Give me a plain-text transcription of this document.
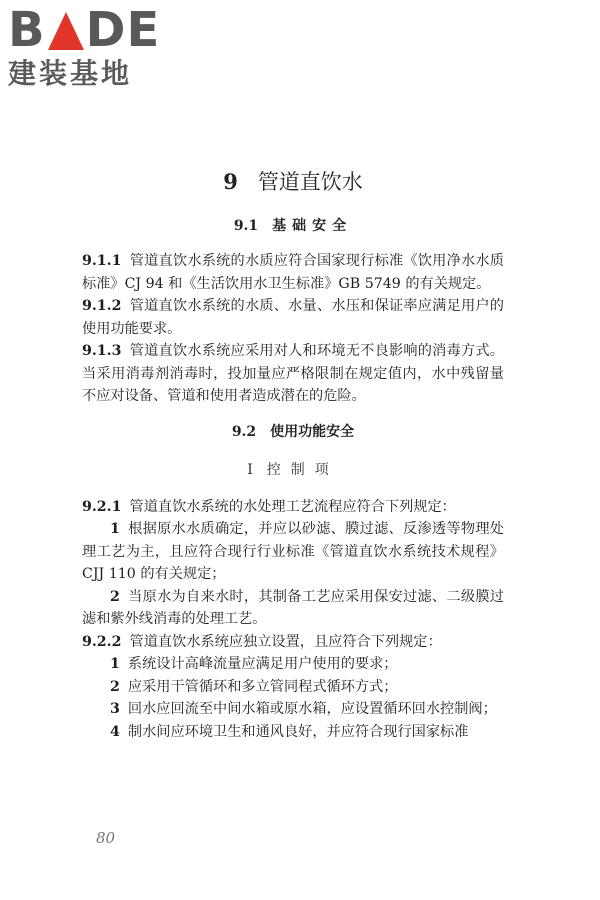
B D E
建装基地
9 管道直饮水
9.1 基础安全

9.1.1 管道直饮水系统的水质应符合国家现行标准《饮用净水水质标准》CJ 94 和《生活饮用水卫生标准》GB 5749 的有关规定。

9.1.2 管道直饮水系统的水质、水量、水压和保证率应满足用户的使用功能要求。

9.1.3 管道直饮水系统应采用对人和环境无不良影响的消毒方式。当采用消毒剂消毒时，投加量应严格限制在规定值内，水中残留量不应对设备、管道和使用者造成潜在的危险。

9.2 使用功能安全
Ⅰ 控制项

9.2.1 管道直饮水系统的水处理工艺流程应符合下列规定：

1 根据原水水质确定，并应以砂滤、膜过滤、反渗透等物理处理工艺为主，且应符合现行行业标准《管道直饮水系统技术规程》CJJ 110 的有关规定；

2 当原水为自来水时，其制备工艺应采用保安过滤、二级膜过滤和紫外线消毒的处理工艺。

9.2.2 管道直饮水系统应独立设置，且应符合下列规定：

1 系统设计高峰流量应满足用户使用的要求；

2 应采用干管循环和多立管同程式循环方式；

3 回水应回流至中间水箱或原水箱，应设置循环回水控制阀；

4 制水间应环境卫生和通风良好，并应符合现行国家标准

80
